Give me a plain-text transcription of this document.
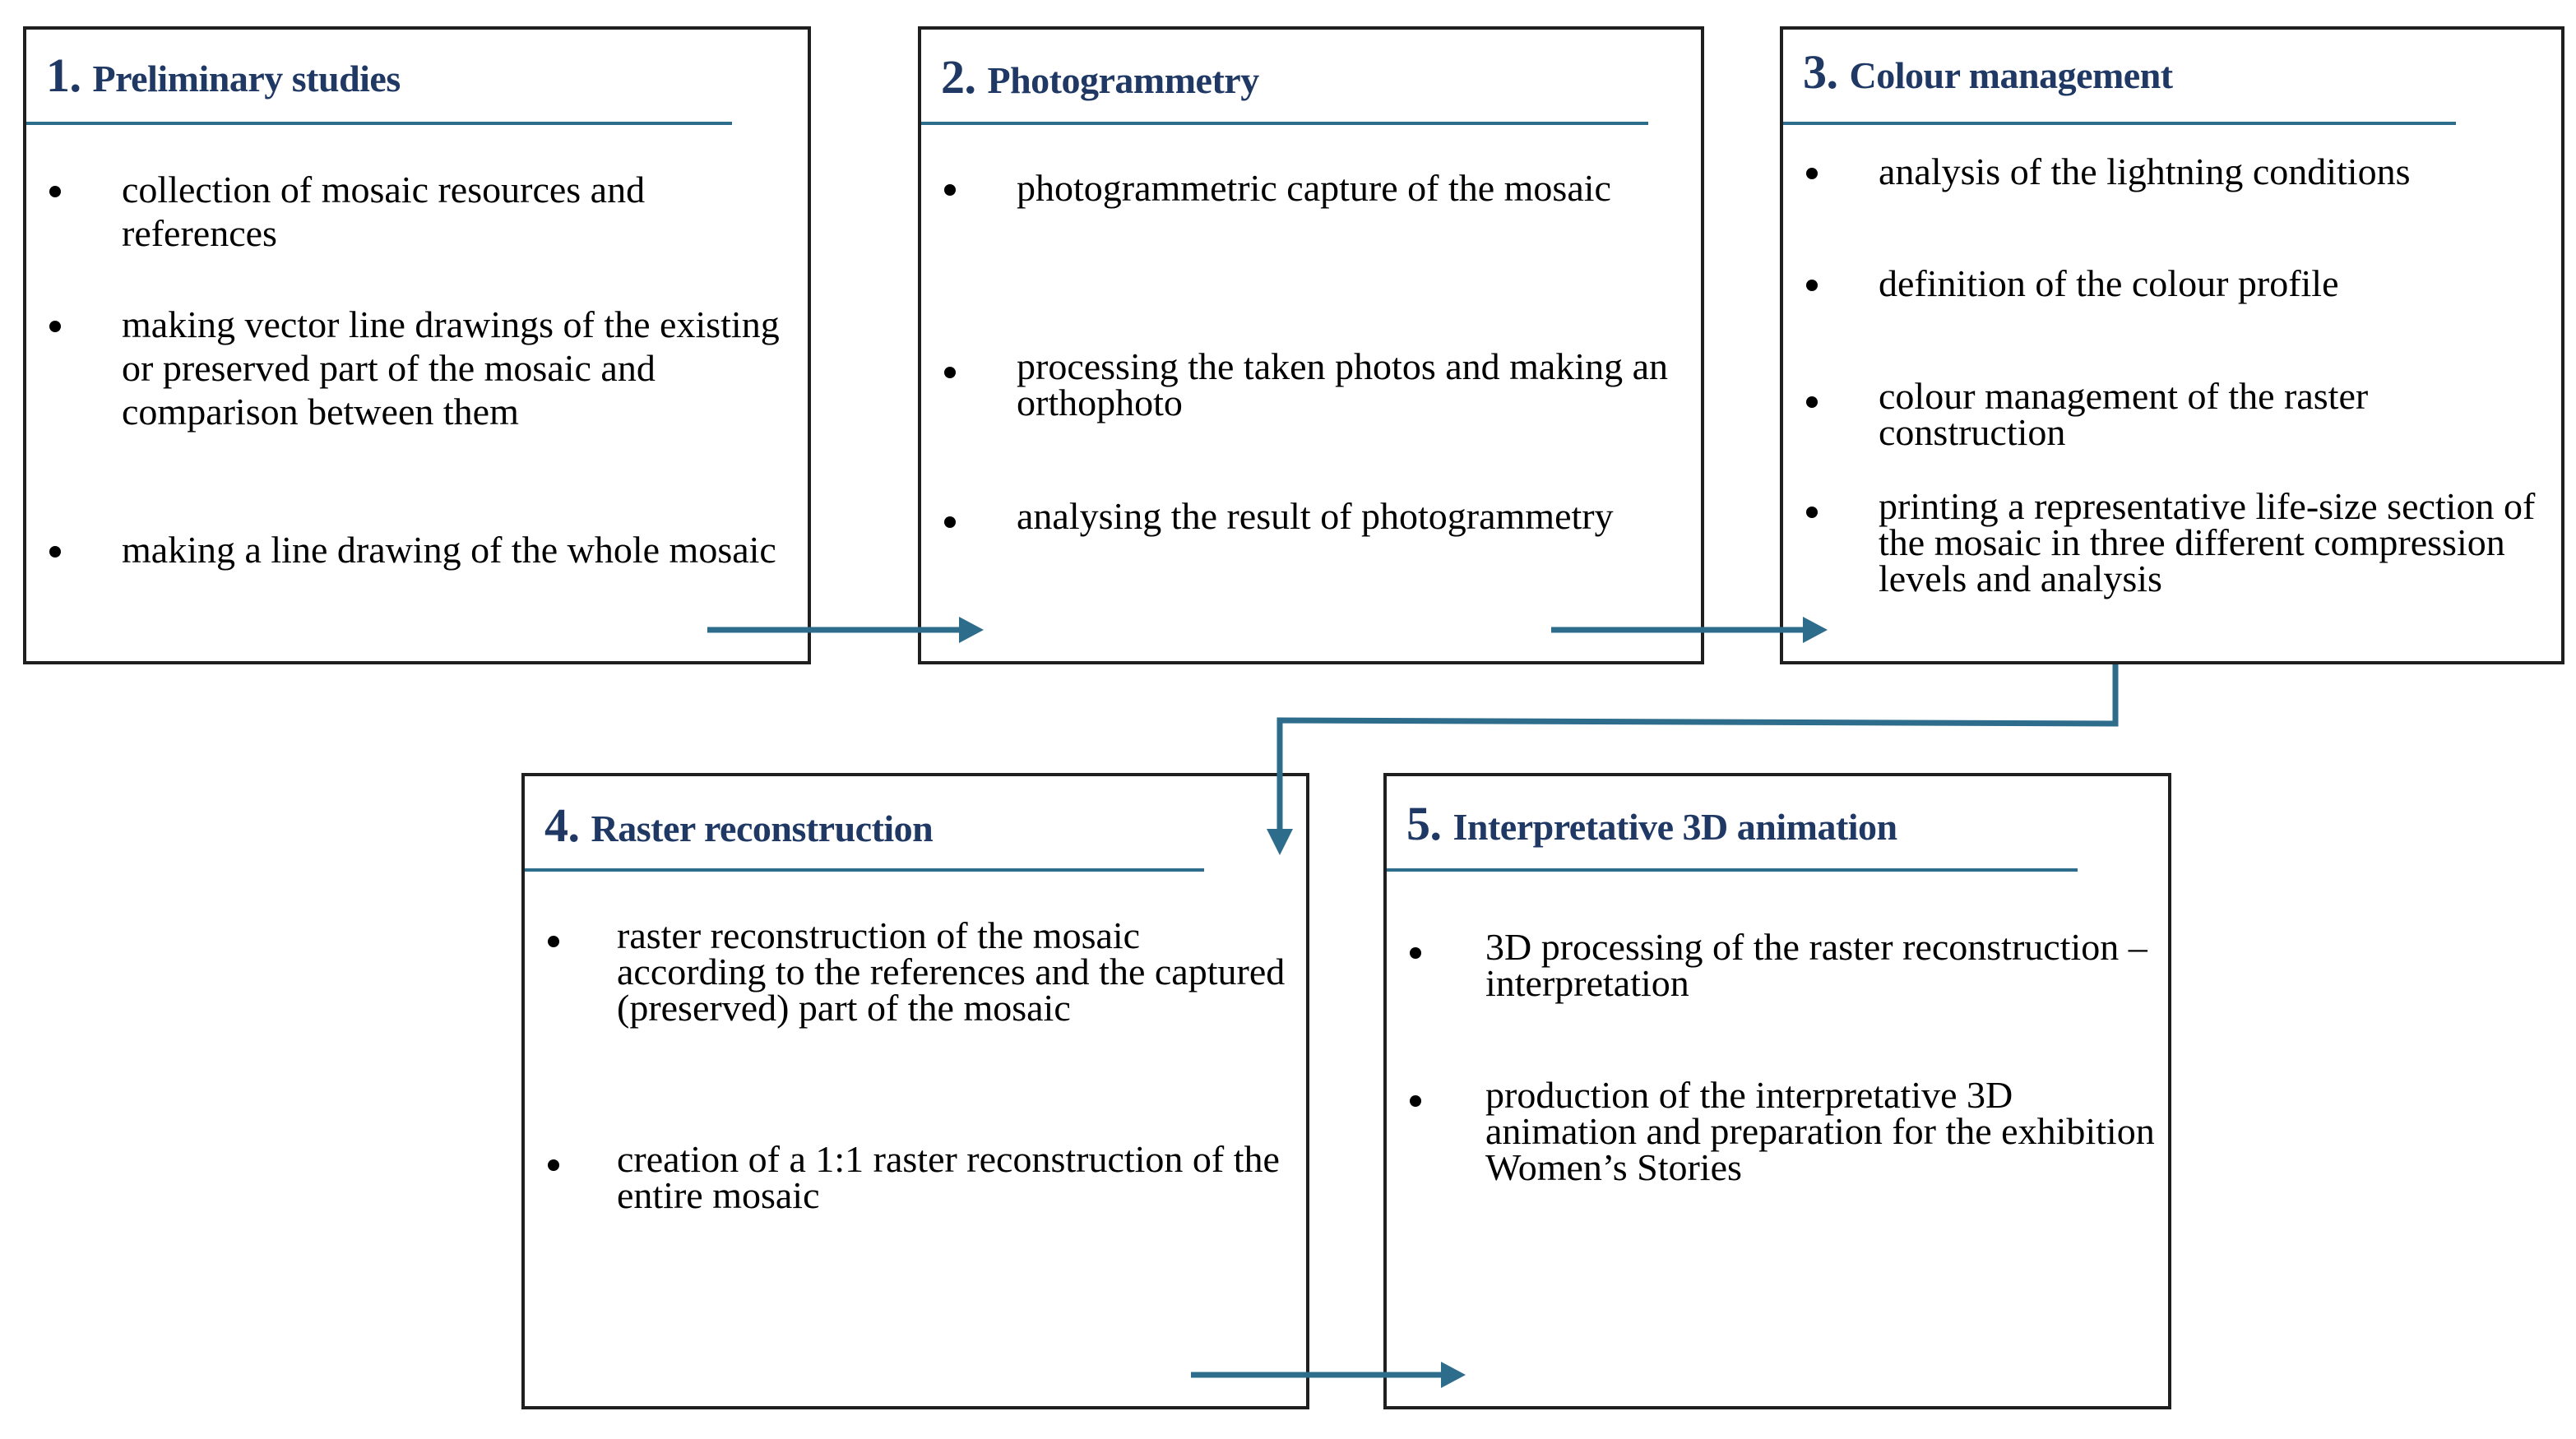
1. Preliminary studies
collection of mosaic resources and references
making vector line drawings of the existing or preserved part of the mosaic and comparison between them
making a line drawing of the whole mosaic
2. Photogrammetry
photogrammetric capture of the mosaic
processing the taken photos and making an orthophoto
analysing the result of photogrammetry
3. Colour management
analysis of the lightning conditions
definition of the colour profile
colour management of the raster construction
printing a representative life-size section of the mosaic in three different compression levels and analysis
4. Raster reconstruction
raster reconstruction of the mosaic according to the references and the captured (preserved) part of the mosaic
creation of a 1:1 raster reconstruction of the entire mosaic
5. Interpretative 3D animation
3D processing of the raster reconstruction – interpretation
production of the interpretative 3D animation and preparation for the exhibition Women’s Stories
